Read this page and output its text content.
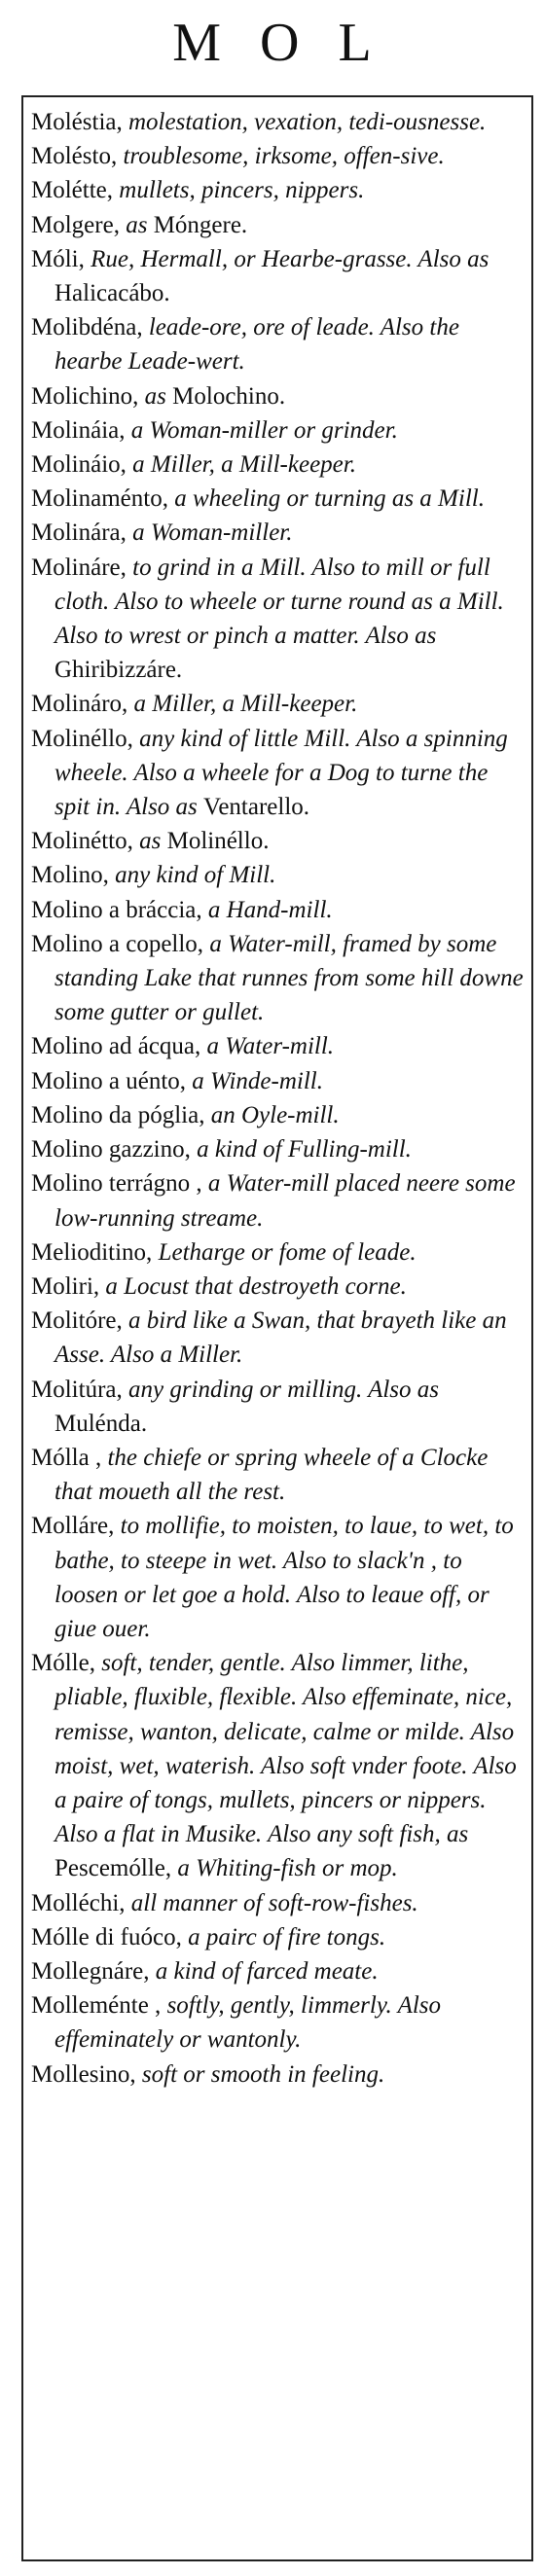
MOL

Moléstia, molestation, vexation, tedi-ousnesse.

Molésto, troublesome, irksome, offen-sive.

Molétte, mullets, pincers, nippers.

Molgere, as Móngere.

Móli, Rue, Hermall, or Hearbe-grasse. Also as Halicacábo.

Molibdéna, leade-ore, ore of leade. Also the hearbe Leade-wert.

Molichino, as Molochino.

Molináia, a Woman-miller or grinder.

Molináio, a Miller, a Mill-keeper.

Molinaménto, a wheeling or turning as a Mill.

Molinára, a Woman-miller.

Molináre, to grind in a Mill. Also to mill or full cloth. Also to wheele or turne round as a Mill. Also to wrest or pinch a matter. Also as Ghiribizzáre.

Molináro, a Miller, a Mill-keeper.

Molinéllo, any kind of little Mill. Also a spinning wheele. Also a wheele for a Dog to turne the spit in. Also as Ventarello.

Molinétto, as Molinéllo.

Molino, any kind of Mill.

Molino a bráccia, a Hand-mill.

Molino a copello, a Water-mill, framed by some standing Lake that runnes from some hill downe some gutter or gullet.

Molino ad ácqua, a Water-mill.

Molino a uénto, a Winde-mill.

Molino da póglia, an Oyle-mill.

Molino gazzino, a kind of Fulling-mill.

Molino terrágno , a Water-mill placed neere some low-running streame.

Melioditino, Letharge or fome of leade.

Moliri, a Locust that destroyeth corne.

Molitóre, a bird like a Swan, that brayeth like an Asse. Also a Miller.

Molitúra, any grinding or milling. Also as Mulénda.

Mólla , the chiefe or spring wheele of a Clocke that moueth all the rest.

Molláre, to mollifie, to moisten, to laue, to wet, to bathe, to steepe in wet. Also to slack'n , to loosen or let goe a hold. Also to leaue off, or giue ouer.

Mólle, soft, tender, gentle. Also limmer, lithe, pliable, fluxible, flexible. Also effeminate, nice, remisse, wanton, delicate, calme or milde. Also moist, wet, waterish. Also soft vnder foote. Also a paire of tongs, mullets, pincers or nippers. Also a flat in Musike. Also any soft fish, as Pescemólle, a Whiting-fish or mop.

Molléchi, all manner of soft-row-fishes.

Mólle di fuóco, a pairc of fire tongs.

Mollegnáre, a kind of farced meate.

Molleménte , softly, gently, limmerly. Also effeminately or wantonly.

Mollesino, soft or smooth in feeling.
